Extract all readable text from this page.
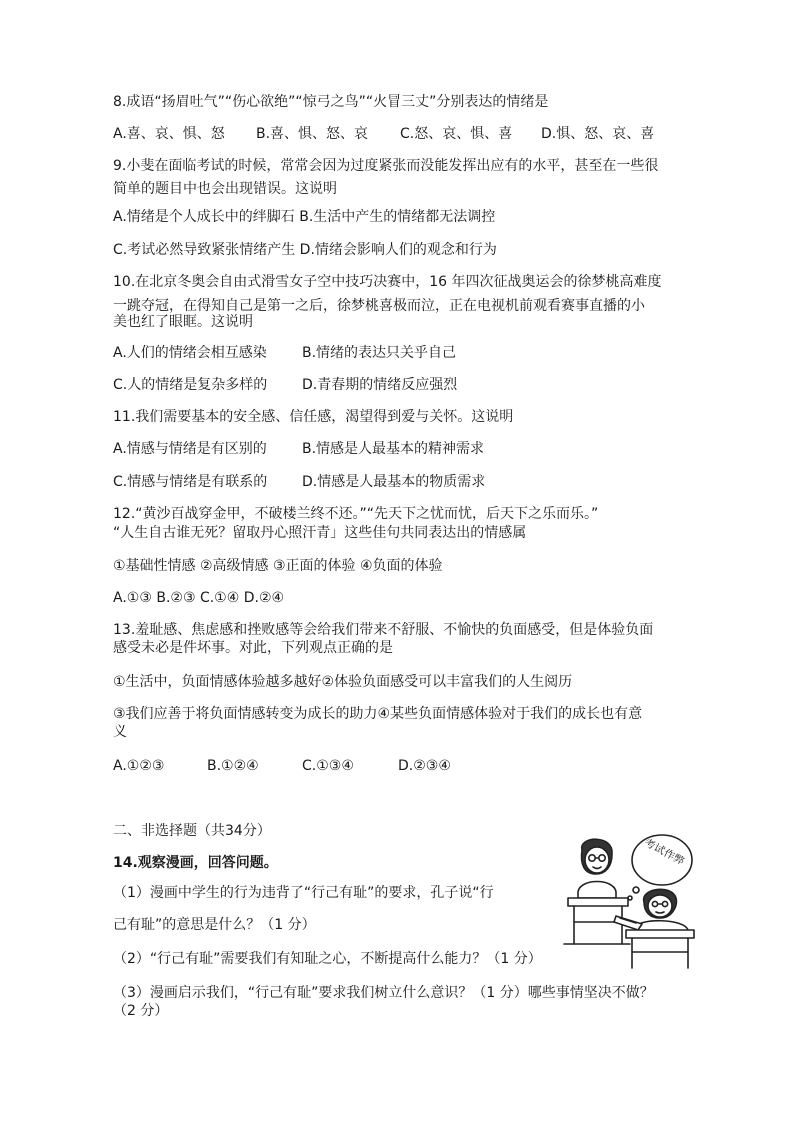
8.成语“扬眉吐气”“伤心欲绝”“惊弓之鸟”“火冒三丈”分别表达的情绪是
A.喜、哀、惧、怒 B.喜、惧、怒、哀 C.怒、哀、惧、喜 D.惧、怒、哀、喜
9.小斐在面临考试的时候，常常会因为过度紧张而没能发挥出应有的水平，甚至在一些很
简单的题目中也会出现错误。这说明
A.情绪是个人成长中的绊脚石 B.生活中产生的情绪都无法调控
C.考试必然导致紧张情绪产生 D.情绪会影响人们的观念和行为
10.在北京冬奥会自由式滑雪女子空中技巧决赛中，16 年四次征战奥运会的徐梦桃高难度
一跳夺冠，在得知自己是第一之后，徐梦桃喜极而泣，正在电视机前观看赛事直播的小
美也红了眼眶。这说明
A.人们的情绪会相互感染	B.情绪的表达只关乎自己
C.人的情绪是复杂多样的 D.青春期的情绪反应强烈
11.我们需要基本的安全感、信任感，渴望得到爱与关怀。这说明
A.情感与情绪是有区别的	B.情感是人最基本的精神需求
C.情感与情绪是有联系的 D.情感是人最基本的物质需求
12.“黄沙百战穿金甲，不破楼兰终不还。”“先天下之忧而忧，后天下之乐而乐。”
“人生自古谁无死？留取丹心照汗青」这些佳句共同表达出的情感属
①基础性情感 ②高级情感 ③正面的体验 ④负面的体验
A.①③ B.②③ C.①④ D.②④
13.羞耻感、焦虑感和挫败感等会给我们带来不舒服、不愉快的负面感受，但是体验负面
感受未必是件坏事。对此，下列观点正确的是
①生活中，负面情感体验越多越好②体验负面感受可以丰富我们的人生阅历
③我们应善于将负面情感转变为成长的助力④某些负面情感体验对于我们的成长也有意
义
A.①②③	B.①②④	C.①③④	D.②③④
二、非选择题（共34分）
14.观察漫画，回答问题。
（1）漫画中学生的行为违背了“行己有耻”的要求，孔子说“行
己有耻”的意思是什么？（1 分）
（2）“行己有耻”需要我们有知耻之心，不断提高什么能力？（1 分）
（3）漫画启示我们，“行己有耻”要求我们树立什么意识？（1 分）哪些事情坚决不做？
（2 分）
考试作弊
